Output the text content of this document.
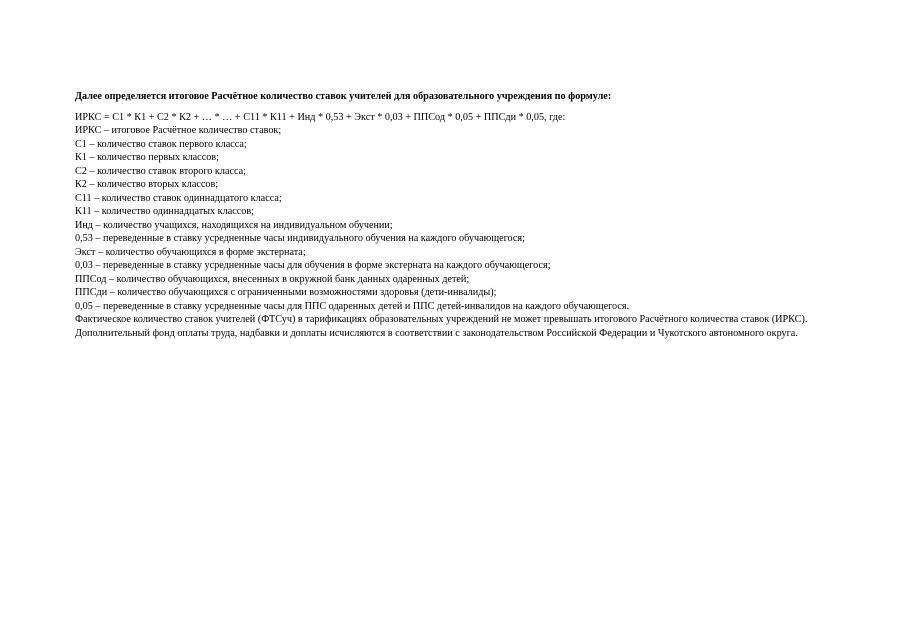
Далее определяется итоговое Расчётное количество ставок учителей для образовательного учреждения по формуле:

ИРКС = С1 * К1 + С2 * К2 + … * … + С11 * К11 + Инд * 0,53 + Экст * 0,03 + ППСод * 0,05 + ППСди * 0,05, где:

ИРКС – итоговое Расчётное количество ставок;

С1 – количество ставок первого класса;

К1 – количество первых классов;

С2 – количество ставок второго класса;

К2 – количество вторых классов;

С11 – количество ставок одиннадцатого класса;

К11 – количество одиннадцатых классов;

Инд – количество учащихся, находящихся на индивидуальном обучении;

0,53 – переведенные в ставку усредненные часы индивидуального обучения на каждого обучающегося;

Экст – количество обучающихся в форме экстерната;

0,03 – переведенные в ставку усредненные часы для обучения в форме экстерната на каждого обучающегося;

ППСод – количество обучающихся, внесенных в окружной банк данных одаренных детей;

ППСди – количество обучающихся с ограниченными возможностями здоровья (дети-инвалиды);

0,05 – переведенные в ставку усредненные часы для ППС одаренных детей и ППС детей-инвалидов на каждого обучающегося.

Фактическое количество ставок учителей (ФТСуч) в тарификациях образовательных учреждений не может превышать итогового Расчётного количества ставок (ИРКС).

Дополнительный фонд оплаты труда, надбавки и доплаты исчисляются в соответствии с законодательством Российской Федерации и Чукотского автономного округа.
